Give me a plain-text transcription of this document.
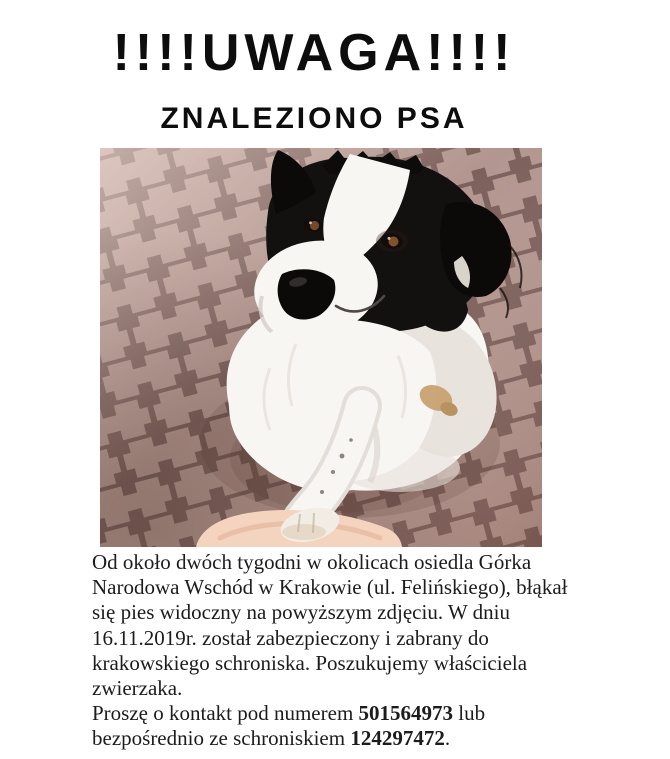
!!!!UWAGA!!!!
ZNALEZIONO PSA
Od około dwóch tygodni w okolicach osiedla Górka
Narodowa Wschód w Krakowie (ul. Felińskiego), błąkał
się pies widoczny na powyższym zdjęciu. W dniu
16.11.2019r. został zabezpieczony i zabrany do
krakowskiego schroniska. Poszukujemy właściciela
zwierzaka.
Proszę o kontakt pod numerem 501564973 lub
bezpośrednio ze schroniskiem 124297472.
